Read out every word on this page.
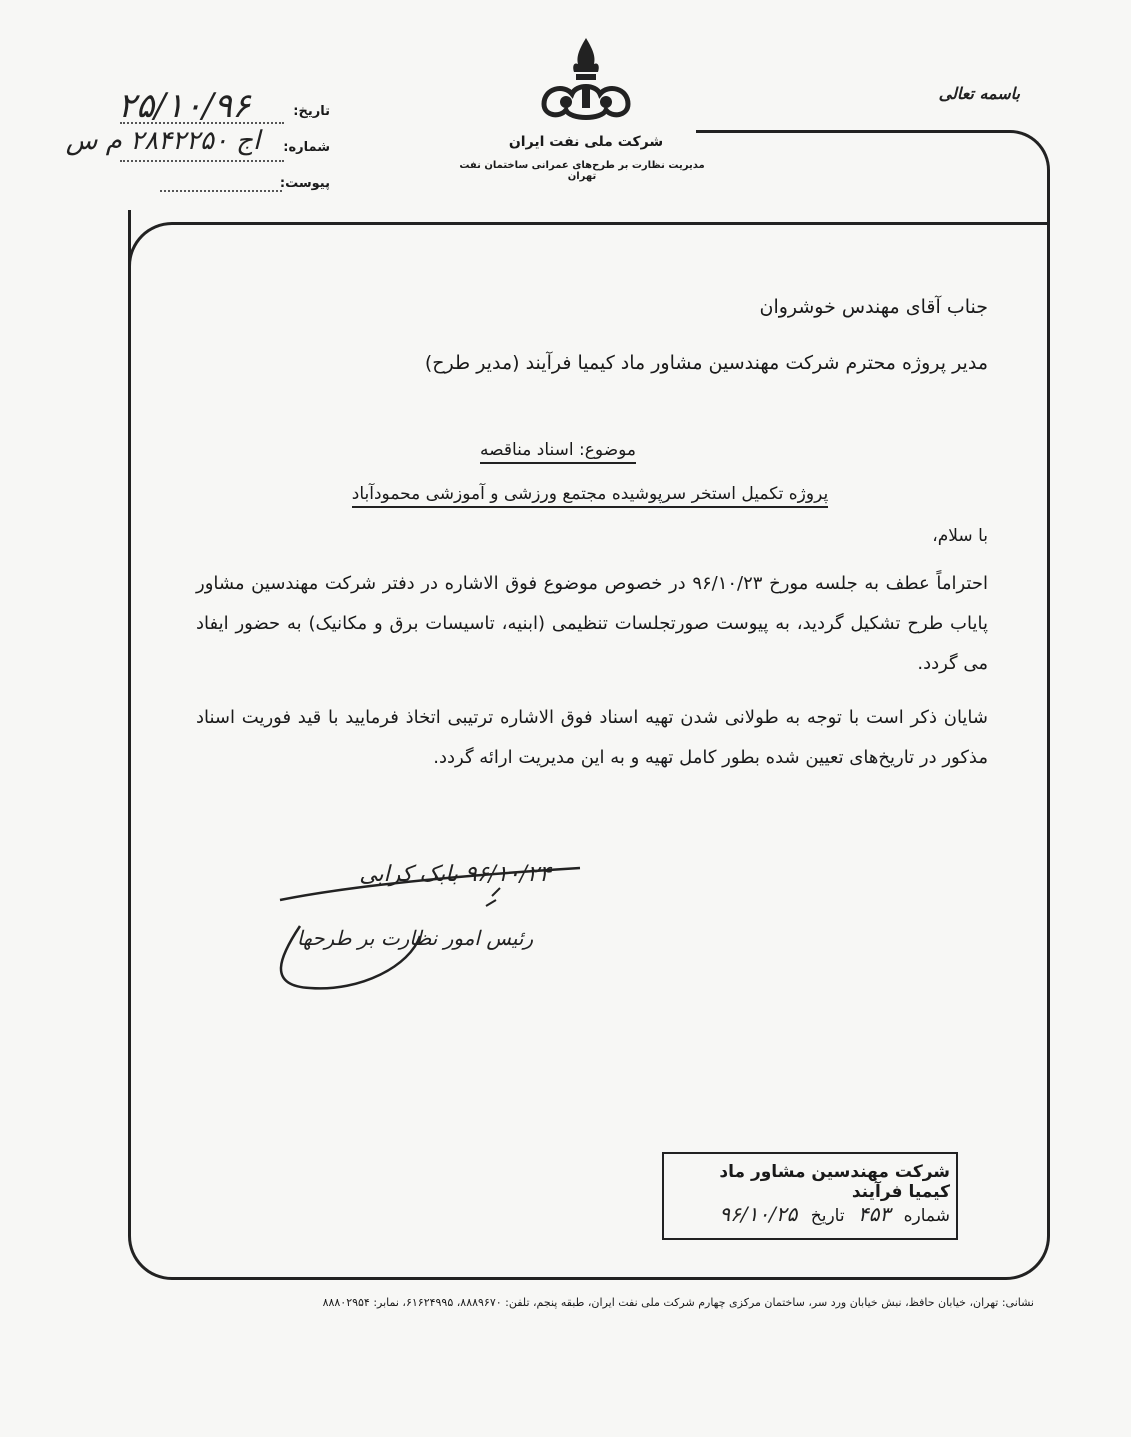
باسمه تعالی
شرکت ملی نفت ایران
مدیریت نظارت بر طرح‌های عمرانی ساختمان نفت تهران
تاریخ:
۲۵/۱۰/۹۶
شماره:
اج ۲۸۴۲۲۵۰ م س
پیوست:
جناب آقای مهندس خوشروان
مدیر پروژه محترم شرکت مهندسین مشاور ماد کیمیا فرآیند (مدیر طرح)
موضوع: اسناد مناقصه
پروژه تکمیل استخر سرپوشیده مجتمع ورزشی و آموزشی محمودآباد
با سلام،
احتراماً عطف به جلسه مورخ ۹۶/۱۰/۲۳ در خصوص موضوع فوق الاشاره در دفتر شرکت مهندسین مشاور پایاب طرح تشکیل گردید، به پیوست صورتجلسات تنظیمی (ابنیه، تاسیسات برق و مکانیک) به حضور ایفاد می گردد.
شایان ذکر است با توجه به طولانی شدن تهیه اسناد فوق الاشاره ترتیبی اتخاذ فرمایید با قید فوریت اسناد مذکور در تاریخ‌های تعیین شده بطور کامل تهیه و به این مدیریت ارائه گردد.
۹۶/۱۰/۲۴ بابک کرابی
رئیس امور نظارت بر طرحها
شرکت مهندسین مشاور ماد کیمیا فرآیند
شماره ۴۵۳ تاریخ ۹۶/۱۰/۲۵
نشانی: تهران، خیابان حافظ، نبش خیابان ورد سر، ساختمان مرکزی چهارم شرکت ملی نفت ایران، طبقه پنجم، تلفن: ۸۸۸۹۶۷۰، ۶۱۶۲۴۹۹۵، نمابر: ۸۸۸۰۲۹۵۴
